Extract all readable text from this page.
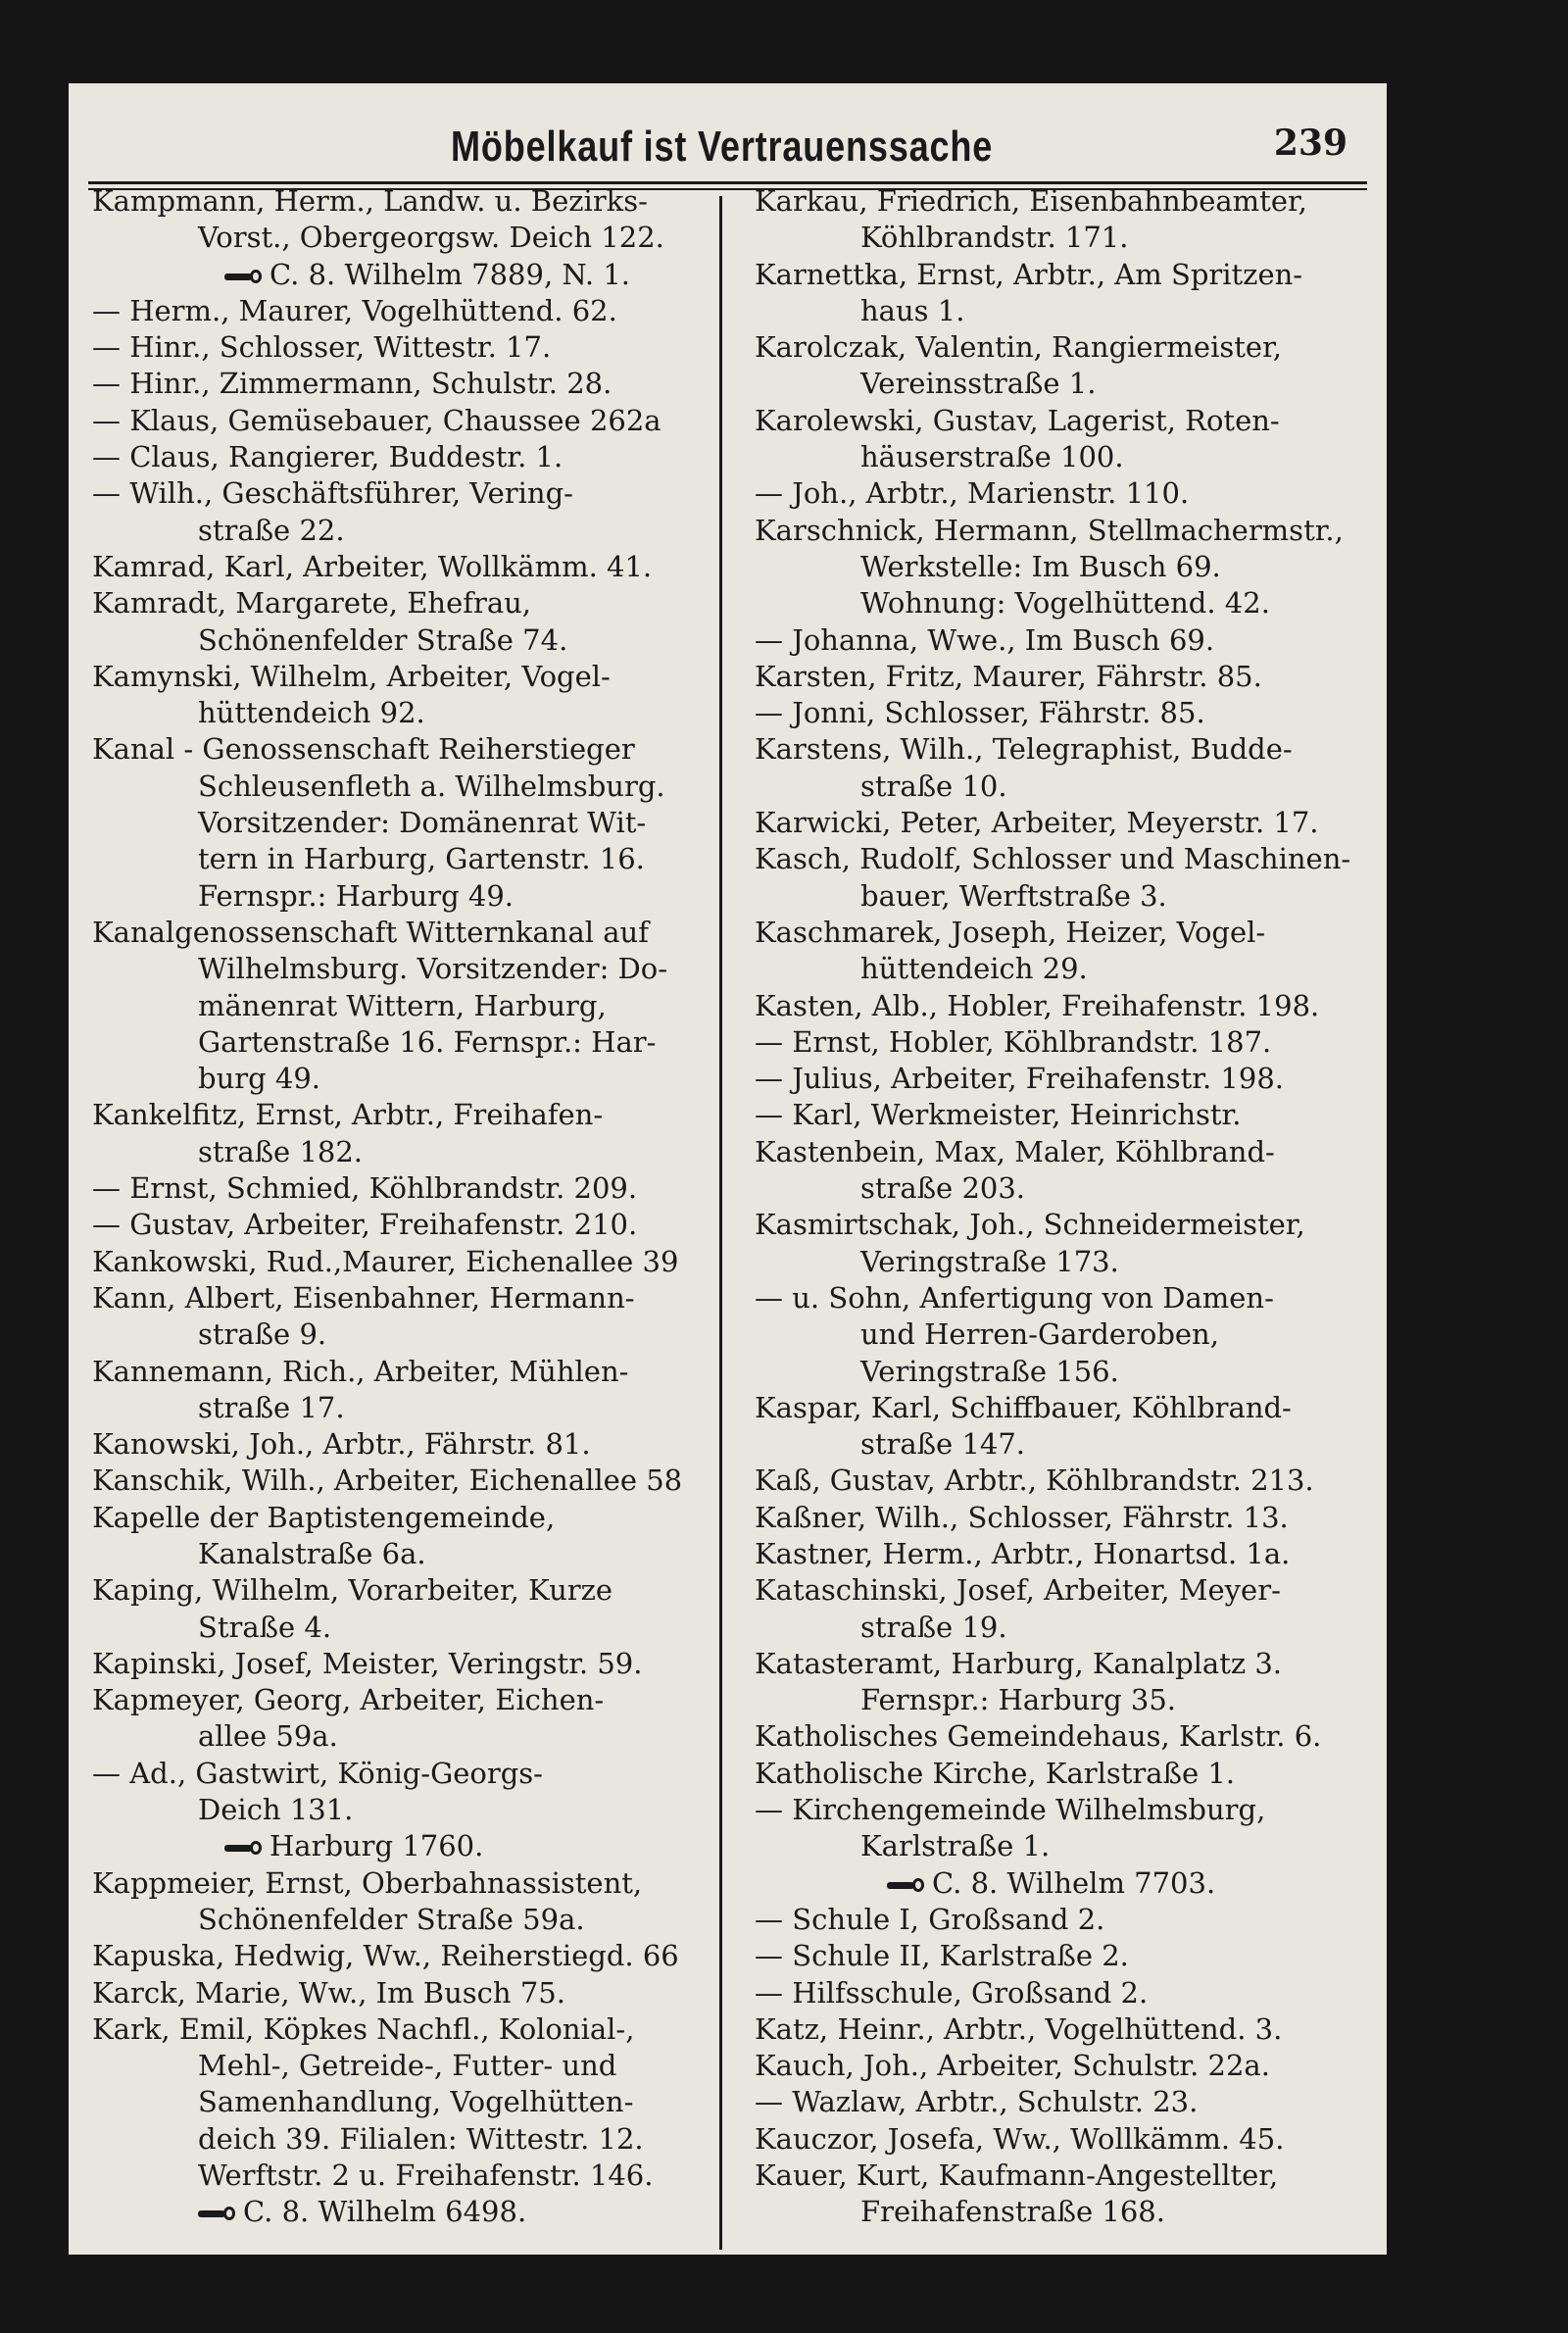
Möbelkauf ist Vertrauenssache	239
Kampmann, Herm., Landw. u. Bezirks-
Vorst., Obergeorgsw. Deich 122.
C. 8. Wilhelm 7889, N. 1.
— Herm., Maurer, Vogelhüttend. 62.
— Hinr., Schlosser, Wittestr. 17.
— Hinr., Zimmermann, Schulstr. 28.
— Klaus, Gemüsebauer, Chaussee 262a
— Claus, Rangierer, Buddestr. 1.
— Wilh., Geschäftsführer, Vering-
straße 22.
Kamrad, Karl, Arbeiter, Wollkämm. 41.
Kamradt, Margarete, Ehefrau,
Schönenfelder Straße 74.
Kamynski, Wilhelm, Arbeiter, Vogel-
hüttendeich 92.
Kanal - Genossenschaft Reiherstieger
Schleusenfleth a. Wilhelmsburg.
Vorsitzender: Domänenrat Wit-
tern in Harburg, Gartenstr. 16.
Fernspr.: Harburg 49.
Kanalgenossenschaft Witternkanal auf
Wilhelmsburg. Vorsitzender: Do-
mänenrat Wittern, Harburg,
Gartenstraße 16. Fernspr.: Har-
burg 49.
Kankelfitz, Ernst, Arbtr., Freihafen-
straße 182.
— Ernst, Schmied, Köhlbrandstr. 209.
— Gustav, Arbeiter, Freihafenstr. 210.
Kankowski, Rud.,Maurer, Eichenallee 39
Kann, Albert, Eisenbahner, Hermann-
straße 9.
Kannemann, Rich., Arbeiter, Mühlen-
straße 17.
Kanowski, Joh., Arbtr., Fährstr. 81.
Kanschik, Wilh., Arbeiter, Eichenallee 58
Kapelle der Baptistengemeinde,
Kanalstraße 6a.
Kaping, Wilhelm, Vorarbeiter, Kurze
Straße 4.
Kapinski, Josef, Meister, Veringstr. 59.
Kapmeyer, Georg, Arbeiter, Eichen-
allee 59a.
— Ad., Gastwirt, König-Georgs-
Deich 131.
Harburg 1760.
Kappmeier, Ernst, Oberbahnassistent,
Schönenfelder Straße 59a.
Kapuska, Hedwig, Ww., Reiherstiegd. 66
Karck, Marie, Ww., Im Busch 75.
Kark, Emil, Köpkes Nachfl., Kolonial-,
Mehl-, Getreide-, Futter- und
Samenhandlung, Vogelhütten-
deich 39. Filialen: Wittestr. 12.
Werftstr. 2 u. Freihafenstr. 146.
C. 8. Wilhelm 6498.
Karkau, Friedrich, Eisenbahnbeamter,
Köhlbrandstr. 171.
Karnettka, Ernst, Arbtr., Am Spritzen-
haus 1.
Karolczak, Valentin, Rangiermeister,
Vereinsstraße 1.
Karolewski, Gustav, Lagerist, Roten-
häuserstraße 100.
— Joh., Arbtr., Marienstr. 110.
Karschnick, Hermann, Stellmachermstr.,
Werkstelle: Im Busch 69.
Wohnung: Vogelhüttend. 42.
— Johanna, Wwe., Im Busch 69.
Karsten, Fritz, Maurer, Fährstr. 85.
— Jonni, Schlosser, Fährstr. 85.
Karstens, Wilh., Telegraphist, Budde-
straße 10.
Karwicki, Peter, Arbeiter, Meyerstr. 17.
Kasch, Rudolf, Schlosser und Maschinen-
bauer, Werftstraße 3.
Kaschmarek, Joseph, Heizer, Vogel-
hüttendeich 29.
Kasten, Alb., Hobler, Freihafenstr. 198.
— Ernst, Hobler, Köhlbrandstr. 187.
— Julius, Arbeiter, Freihafenstr. 198.
— Karl, Werkmeister, Heinrichstr.
Kastenbein, Max, Maler, Köhlbrand-
straße 203.
Kasmirtschak, Joh., Schneidermeister,
Veringstraße 173.
— u. Sohn, Anfertigung von Damen-
und Herren-Garderoben,
Veringstraße 156.
Kaspar, Karl, Schiffbauer, Köhlbrand-
straße 147.
Kaß, Gustav, Arbtr., Köhlbrandstr. 213.
Kaßner, Wilh., Schlosser, Fährstr. 13.
Kastner, Herm., Arbtr., Honartsd. 1a.
Kataschinski, Josef, Arbeiter, Meyer-
straße 19.
Katasteramt, Harburg, Kanalplatz 3.
Fernspr.: Harburg 35.
Katholisches Gemeindehaus, Karlstr. 6.
Katholische Kirche, Karlstraße 1.
— Kirchengemeinde Wilhelmsburg,
Karlstraße 1.
C. 8. Wilhelm 7703.
— Schule I, Großsand 2.
— Schule II, Karlstraße 2.
— Hilfsschule, Großsand 2.
Katz, Heinr., Arbtr., Vogelhüttend. 3.
Kauch, Joh., Arbeiter, Schulstr. 22a.
— Wazlaw, Arbtr., Schulstr. 23.
Kauczor, Josefa, Ww., Wollkämm. 45.
Kauer, Kurt, Kaufmann-Angestellter,
Freihafenstraße 168.
